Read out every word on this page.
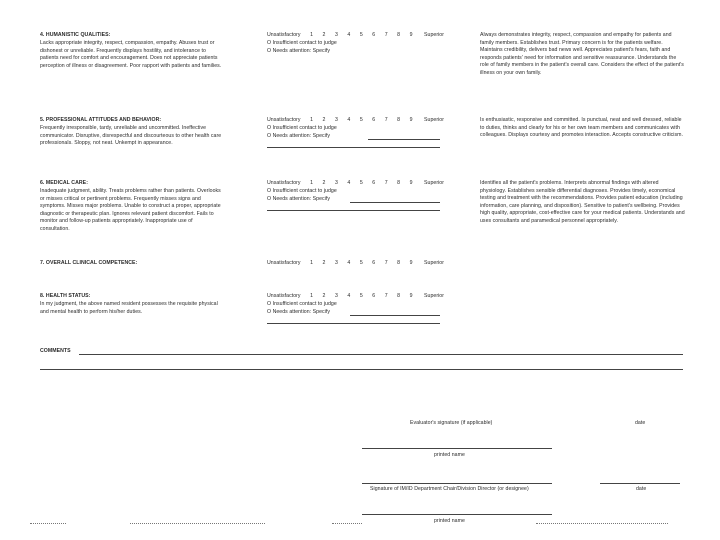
4. HUMANISTIC QUALITIES:
Lacks appropriate integrity, respect, compassion, empathy. Abuses trust or dishonest or unreliable. Frequently displays hostility, and intolerance to patients need for comfort and encouragement. Does not appreciate patients perception of illness or disagreement. Poor rapport with patients and families.
Unsatisfactory 1 2 3 4 5 6 7 8 9 Superior
O Insufficient contact to judge
O Needs attention: Specify
Always demonstrates integrity, respect, compassion and empathy for patients and family members. Establishes trust. Primary concern is for the patients welfare. Maintains credibility, delivers bad news well. Appreciates patient's fears, faith and responds patients' need for information and sensitive reassurance. Understands the role of family members in the patient's overall care. Considers the effect of the patient's illness on your own family.
5. PROFESSIONAL ATTITUDES AND BEHAVIOR:
Frequently irresponsible, tardy, unreliable and uncommitted. Ineffective communicator. Disruptive, disrespectful and discourteous to other health care professionals. Sloppy, not neat. Unkempt in appearance.
Unsatisfactory 1 2 3 4 5 6 7 8 9 Superior
O Insufficient contact to judge
O Needs attention: Specify
Is enthusiastic, responsive and committed. Is punctual, neat and well dressed, reliable to duties, thinks and clearly for his or her own team members and communicates with colleagues. Displays courtesy and promotes interaction. Accepts constructive criticism.
6. MEDICAL CARE:
Inadequate judgment, ability. Treats problems rather than patients. Overlooks or misses critical or pertinent problems. Frequently misses signs and symptoms. Misses major problems. Unable to construct a proper, appropriate diagnostic or therapeutic plan. Ignores relevant patient discomfort. Fails to monitor and follow-up patients appropriately. Inappropriate use of consultation.
Unsatisfactory 1 2 3 4 5 6 7 8 9 Superior
O Insufficient contact to judge
O Needs attention: Specify
Identifies all the patient's problems. Interprets abnormal findings with altered physiology. Establishes sensible differential diagnoses. Provides timely, economical testing and treatment with the recommendations. Provides patient education (including information, care planning, and disposition). Sensitive to patient's wellbeing. Provides high quality, appropriate, cost-effective care for your medical patients. Understands and uses consultants and paramedical personnel appropriately.
7. OVERALL CLINICAL COMPETENCE:	Unsatisfactory 1 2 3 4 5 6 7 8 9 Superior
8. HEALTH STATUS:
In my judgment, the above named resident possesses the requisite physical and mental health to perform his/her duties.
Unsatisfactory 1 2 3 4 5 6 7 8 9 Superior
O Insufficient contact to judge
O Needs attention: Specify
COMMENTS
Evaluator's signature (if applicable)	date
printed name
Signature of IM/ID Department Chair/Division Director (or designee)	date
printed name
